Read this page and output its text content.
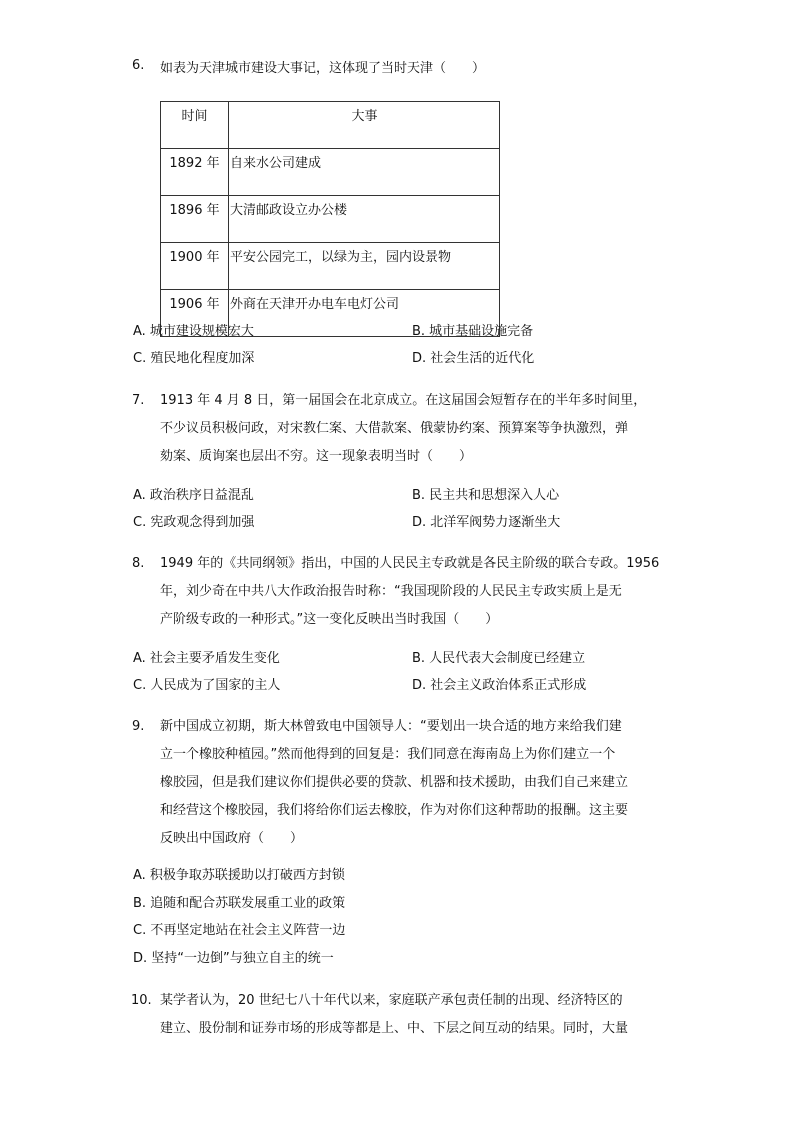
6.	如表为天津城市建设大事记，这体现了当时天津（　　）
时间	大事
1892 年	自来水公司建成
1896 年	大清邮政设立办公楼
1900 年	平安公园完工，以绿为主，园内设景物
1906 年	外商在天津开办电车电灯公司
A. 城市建设规模宏大	B. 城市基础设施完备
C. 殖民地化程度加深	D. 社会生活的近代化
7.	1913 年 4 月 8 日，第一届国会在北京成立。在这届国会短暂存在的半年多时间里，
不少议员积极问政，对宋教仁案、大借款案、俄蒙协约案、预算案等争执激烈，弹
劾案、质询案也层出不穷。这一现象表明当时（　　）
A. 政治秩序日益混乱	B. 民主共和思想深入人心
C. 宪政观念得到加强	D. 北洋军阀势力逐渐坐大
8.	1949 年的《共同纲领》指出，中国的人民民主专政就是各民主阶级的联合专政。1956
年，刘少奇在中共八大作政治报告时称：“我国现阶段的人民民主专政实质上是无
产阶级专政的一种形式。”这一变化反映出当时我国（　　）
A. 社会主要矛盾发生变化	B. 人民代表大会制度已经建立
C. 人民成为了国家的主人	D. 社会主义政治体系正式形成
9.	新中国成立初期，斯大林曾致电中国领导人：“要划出一块合适的地方来给我们建
立一个橡胶种植园。”然而他得到的回复是：我们同意在海南岛上为你们建立一个
橡胶园，但是我们建议你们提供必要的贷款、机器和技术援助，由我们自己来建立
和经营这个橡胶园，我们将给你们运去橡胶，作为对你们这种帮助的报酬。这主要
反映出中国政府（　　）
A. 积极争取苏联援助以打破西方封锁
B. 追随和配合苏联发展重工业的政策
C. 不再坚定地站在社会主义阵营一边
D. 坚持“一边倒”与独立自主的统一
10. 某学者认为，20 世纪七八十年代以来，家庭联产承包责任制的出现、经济特区的
建立、股份制和证券市场的形成等都是上、中、下层之间互动的结果。同时，大量
